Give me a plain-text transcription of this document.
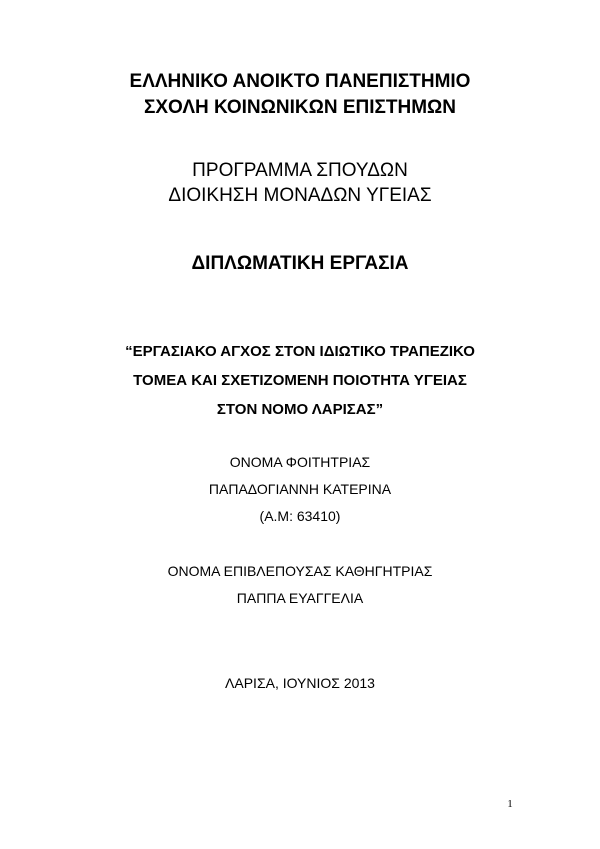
ΕΛΛΗΝΙΚΟ ΑΝΟΙΚΤΟ ΠΑΝΕΠΙΣΤΗΜΙΟ
ΣΧΟΛΗ ΚΟΙΝΩΝΙΚΩΝ ΕΠΙΣΤΗΜΩΝ
ΠΡΟΓΡΑΜΜΑ ΣΠΟΥΔΩΝ
ΔΙΟΙΚΗΣΗ ΜΟΝΑΔΩΝ ΥΓΕΙΑΣ
ΔΙΠΛΩΜΑΤΙΚΗ ΕΡΓΑΣΙΑ
“ΕΡΓΑΣΙΑΚΟ ΑΓΧΟΣ ΣΤΟΝ ΙΔΙΩΤΙΚΟ ΤΡΑΠΕΖΙΚΟ
ΤΟΜΕΑ ΚΑΙ ΣΧΕΤΙΖΟΜΕΝΗ ΠΟΙΟΤΗΤΑ ΥΓΕΙΑΣ
ΣΤΟΝ ΝΟΜΟ ΛΑΡΙΣΑΣ”
ΟΝΟΜΑ ΦΟΙΤΗΤΡΙΑΣ
ΠΑΠΑΔΟΓΙΑΝΝΗ ΚΑΤΕΡΙΝΑ
(Α.Μ: 63410)
ΟΝΟΜΑ ΕΠΙΒΛΕΠΟΥΣΑΣ ΚΑΘΗΓΗΤΡΙΑΣ
ΠΑΠΠΑ ΕΥΑΓΓΕΛΙΑ
ΛΑΡΙΣΑ, ΙΟΥΝΙΟΣ 2013
1
